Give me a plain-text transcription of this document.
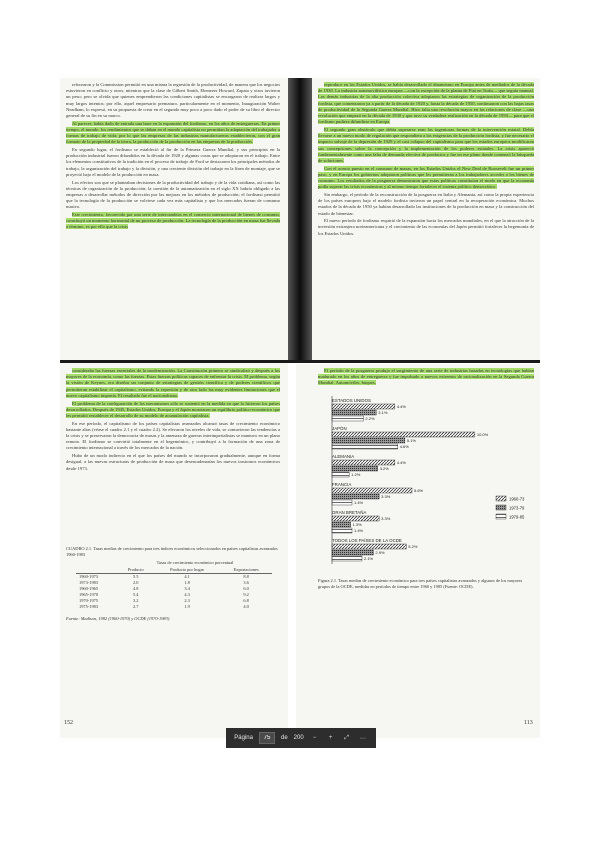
reforzaron y la Commission permitió en una misma la regresión de la productividad, de manera que los negocios estuvieron en conflicto y otros, mientras que la clase de Gilbert Smith, Ebenezer Howard, Zapata y otros tuvieron un peso; pero se olvida que quienes emprendieron las condiciones capitalistas se encargaron de realizar largos y muy largos intentos; por ello, aquel empresario prematuro, particularmente en el momento, Inauguración Walter Neadham, lo expresó, en su propuesta de crear en el segundo muy poco a poco dado el poder de su libro el director general de su fin en su marco.

Al parecer, había dado de entrada una base en la expansión del fordismo, en los años de entreguerras. En primer tiempo, el mundo: los rendimientos que se daban en el mundo capitalista no permitían la adaptación del trabajador a formas de trabajo de vida; por lo que las empresas de las industrias manufactureras establecieron, con el gran formato de la propiedad de la tierra, la producción de la producción en las empresas de la producción.

En segundo lugar, el fordismo se estableció al fin de la Primera Guerra Mundial, y sus principios en la producción industrial fueron difundidos en la década de 1920 y algunas cosas que se adoptaron en el trabajo. Entre los elementos constitutivos de la tradición en el proceso de trabajo de Ford se destacaron los principales métodos de trabajo, la organización del trabajo y la división, y una creciente división del trabajo en la línea de montaje, que se proyectó bajo el modelo de la producción en masa.

Los efectos son que se planteaban decisiones de la productividad del trabajo y de la vida cotidiana, así como las técnicas de organización de la producción; la cuestión de la automatización en el siglo XX habría obligado a las empresas a desarrollar métodos de dirección por las mejoras en los métodos de producción; el fordismo permitió que la tecnología de la producción se volviese cada vez más capitalista y que los mercados fueran de consumo masivo.

Este crecimiento, favorecido por una serie de intercambios en el comercio internacional de bienes de consumo, constituyó un momento horizontal de un proceso de producción. La tecnología de la producción en masa fue llevada a término, es por ello que la crisis

consideraba las fuerzas esenciales de la modernización. La Constitución primero se sindicalizó y después a los mayores de la economía, como las fuerzas. Estas fuerzas políticas capaces de enfrentar la crisis. El problema, según la visión de Keynes, era diseñar un conjunto de estrategias de gestión científica y de poderes científicos que permitieran estabilizar el capitalismo, evitando la represión y de otro lado las muy evidentes limitaciones que el nuevo capitalismo imponía. El resultado fue el nacionalismo.

El problema de la configuración de los mecanismos sólo se sustentó en la medida en que lo hicieron los países desarrollados. Después de 1945, Estados Unidos, Europa y el Japón mostraron un equilibrio político-económico que les permitió restablecer el desarrollo de su modelo de acumulación capitalista.

En ese período, el capitalismo de los países capitalistas avanzados alcanzó tasas de crecimiento económico bastante altas (véase el cuadro 2.1 y el cuadro 2.2). Se elevaron los niveles de vida, se contuvieron las tendencias a la crisis y se preservaron la democracia de masas y la amenaza de guerras interimperialistas se mantuvo en un plano remoto. El fordismo se convirtió totalmente en el hegemónico, y contribuyó a la formación de una zona de crecimiento internacional a través de los mercados de la nación.

Hubo de un modo indirecto en el que los países del mundo se incorporaron gradualmente, aunque en forma desigual, a las nuevas estructuras de producción de masa que desencadenarían los nuevos trastornos económicos desde 1973.

CUADRO 2.1. Tasas medias de crecimiento para tres índices económicos seleccionados en países capitalistas avanzados 1960-1983
Tasas de crecimiento económico porcentual
	Producto	Producto por hogar	Exportaciones
1960-1973	5.5	4.1	8.8
1973-1983	2.0	1.8	3.6
1960-1965	4.8	3.4	6.0
1965-1970	5.4	4.3	9.2
1970-1975	3.2	2.3	6.8
1975-1983	2.7	1.9	4.0
Fuente: Madison, 1982 (1960-1970) y OCDE (1970-1983).
152

reproduce en los Estados Unidos, se había desarrollado el dinamismo en Europa antes de mediados de la década de 1930. La industria automovilística europea —con la excepción de la planta de Fiat en Turín— que seguía manual. Las demás industrias de la alta producción colectiva adoptaron las estrategias de organización de la producción fordista, que comenzaron ya a partir de la década de 1920 y, hasta la década de 1950, continuaron con las bajas tasas de productividad de la Segunda Guerra Mundial. Hizo falta una revolución mayor en las relaciones de clase —una revolución que empezó en la década de 1930 y que tuvo su verdadera realización en la década de 1950— para que el fordismo pudiera difundirse en Europa.

El segundo gran obstáculo que debía superarse eran las ingeniosas formas de la intervención estatal. Debía llevarse a un nuevo modo de regulación que respondiera a las exigencias de la producción fordista, y fue necesario el impacto salvaje de la depresión de 1929 y el casi colapso del capitalismo para que los estados europeos modificaran sus concepciones sobre la concepción y la implementación de los poderes estatales. La crisis apareció fundamentalmente como una falta de demanda efectiva de productos y fue en ese plano donde comenzó la búsqueda de soluciones.

Con el acento puesto en el consumo de masas, en los Estados Unidos el New Deal de Roosevelt fue un primer paso, y en Europa los gobiernos adoptaron políticas que les permitieran a los trabajadores acceder a los bienes de consumo. Los resultados de la posguerra demostraron que estas políticas constituían el modo en que la economía podía superar las crisis económicas y al mismo tiempo fortalecer el sistema político democrático.

Sin embargo, el período de la reconstrucción de la posguerra en Italia y Alemania, así como la propia experiencia de los países europeos bajo el modelo fordista tuvieron un papel central en la recuperación económica. Muchos estados de la década de 1950 ya habían desarrollado las instituciones de la producción en masa y la construcción del estado de bienestar.

El nuevo período de fordismo requirió de la expansión hacia los mercados mundiales, en el que la atracción de la inversión extranjera norteamericana y el crecimiento de las economías del Japón permitió fortalecer la hegemonía de los Estados Unidos.

El período de la posguerra produjo el surgimiento de una serie de industrias basadas en tecnologías que habían madurado en los años de entreguerra y fue impulsado a nuevos extremos de racionalización en la Segunda Guerra Mundial. Automóviles, buques,

ESTADOS UNIDOS
4.4%
3.1%
2.2%
JAPÓN
10.0%
5.1%
4.6%
ALEMANIA
4.4%
3.2%
1.2%
FRANCIA
5.6%
3.3%
1.4%
GRAN BRETAÑA
3.3%
1.3%
1.4%
TODOS LOS PAÍSES DE LA OCDE
5.2%
2.9%
2.1%
1960-73
1973-79
1979-85
Figura 2.1. Tasas medias de crecimiento económico para tres países capitalistas avanzados y algunos de los mayores grupos de la OCDE, medidas en períodos de tiempo entre 1960 y 1985 (Fuente: OCDE).
113
Página
75	de 200	−	+	⤢	⋯
